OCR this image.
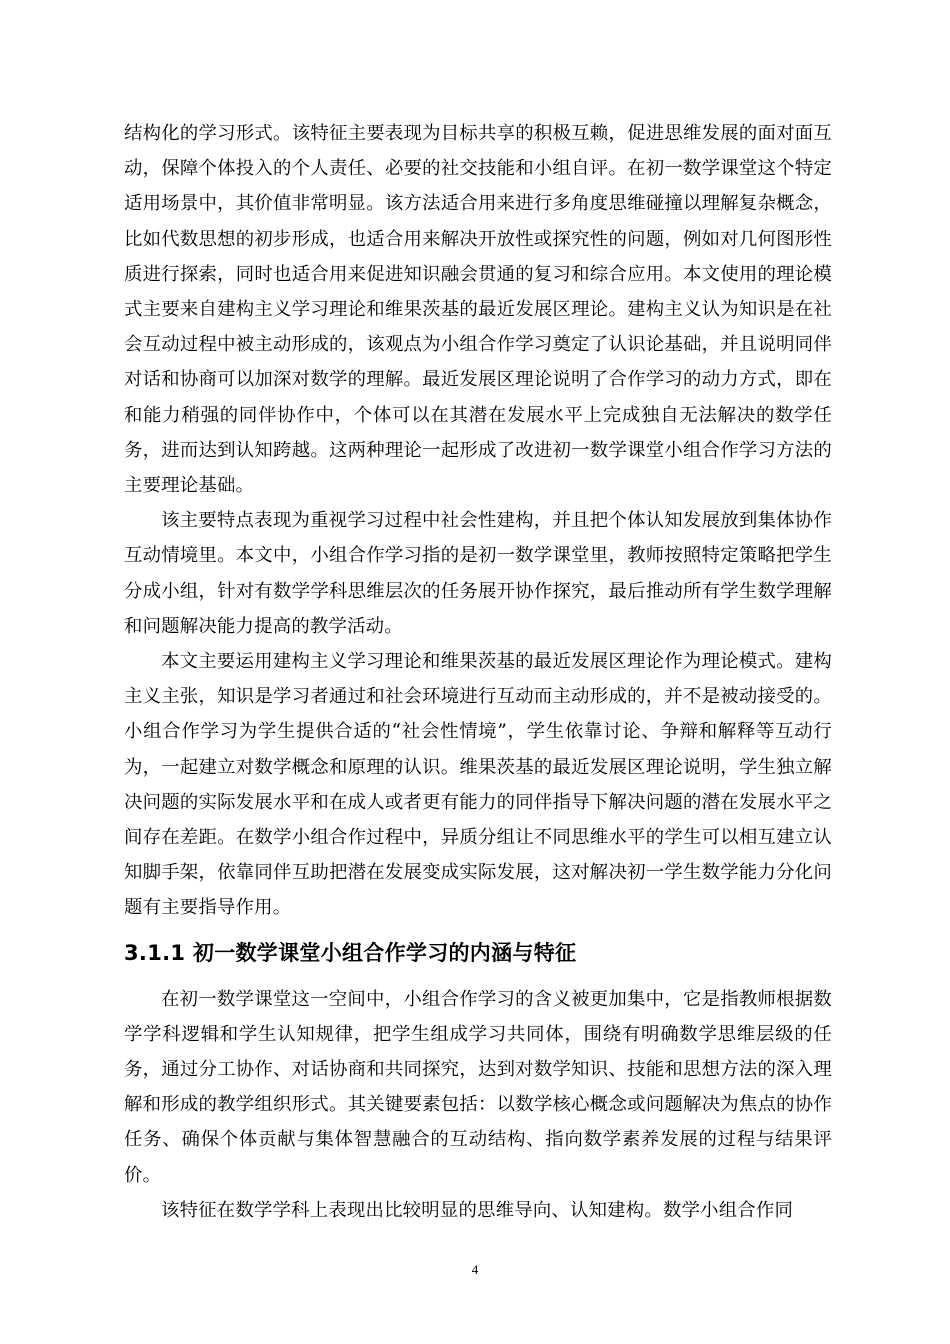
结构化的学习形式。该特征主要表现为目标共享的积极互赖，促进思维发展的面对面互动，保障个体投入的个人责任、必要的社交技能和小组自评。在初一数学课堂这个特定适用场景中，其价值非常明显。该方法适合用来进行多角度思维碰撞以理解复杂概念，比如代数思想的初步形成，也适合用来解决开放性或探究性的问题，例如对几何图形性质进行探索，同时也适合用来促进知识融会贯通的复习和综合应用。本文使用的理论模式主要来自建构主义学习理论和维果茨基的最近发展区理论。建构主义认为知识是在社会互动过程中被主动形成的，该观点为小组合作学习奠定了认识论基础，并且说明同伴对话和协商可以加深对数学的理解。最近发展区理论说明了合作学习的动力方式，即在和能力稍强的同伴协作中，个体可以在其潜在发展水平上完成独自无法解决的数学任务，进而达到认知跨越。这两种理论一起形成了改进初一数学课堂小组合作学习方法的主要理论基础。

该主要特点表现为重视学习过程中社会性建构，并且把个体认知发展放到集体协作互动情境里。本文中，小组合作学习指的是初一数学课堂里，教师按照特定策略把学生分成小组，针对有数学学科思维层次的任务展开协作探究，最后推动所有学生数学理解和问题解决能力提高的教学活动。

本文主要运用建构主义学习理论和维果茨基的最近发展区理论作为理论模式。建构主义主张，知识是学习者通过和社会环境进行互动而主动形成的，并不是被动接受的。小组合作学习为学生提供合适的“社会性情境”，学生依靠讨论、争辩和解释等互动行为，一起建立对数学概念和原理的认识。维果茨基的最近发展区理论说明，学生独立解决问题的实际发展水平和在成人或者更有能力的同伴指导下解决问题的潜在发展水平之间存在差距。在数学小组合作过程中，异质分组让不同思维水平的学生可以相互建立认知脚手架，依靠同伴互助把潜在发展变成实际发展，这对解决初一学生数学能力分化问题有主要指导作用。

3.1.1 初一数学课堂小组合作学习的内涵与特征

在初一数学课堂这一空间中，小组合作学习的含义被更加集中，它是指教师根据数学学科逻辑和学生认知规律，把学生组成学习共同体，围绕有明确数学思维层级的任务，通过分工协作、对话协商和共同探究，达到对数学知识、技能和思想方法的深入理解和形成的教学组织形式。其关键要素包括：以数学核心概念或问题解决为焦点的协作任务、确保个体贡献与集体智慧融合的互动结构、指向数学素养发展的过程与结果评价。

该特征在数学学科上表现出比较明显的思维导向、认知建构。数学小组合作同

4
